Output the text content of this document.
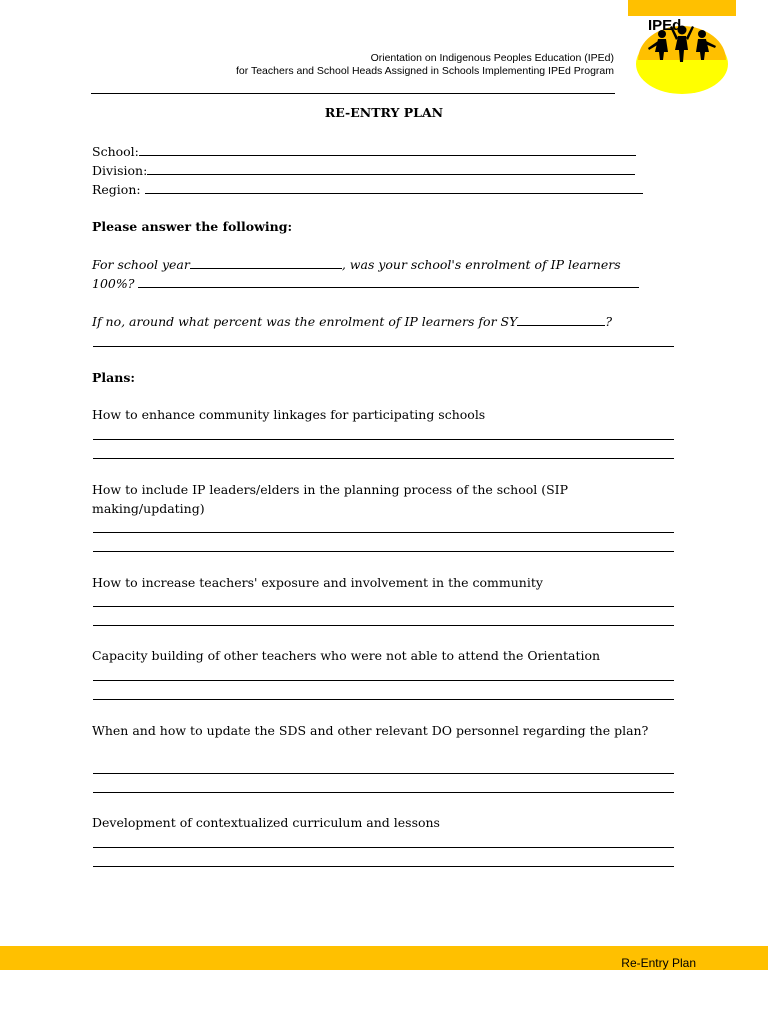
IPEd
Orientation on Indigenous Peoples Education (IPEd)
for Teachers and School Heads Assigned in Schools Implementing IPEd Program
RE-ENTRY PLAN
School:
Division:
Region:
Please answer the following:
For school year	, was your school's enrolment of IP learners
100%?
If no, around what percent was the enrolment of IP learners for SY	?
Plans:
How to enhance community linkages for participating schools
How to include IP leaders/elders in the planning process of the school (SIP making/updating)
How to increase teachers' exposure and involvement in the community
Capacity building of other teachers who were not able to attend the Orientation
When and how to update the SDS and other relevant DO personnel regarding the plan?
Development of contextualized curriculum and lessons
Re-Entry Plan
